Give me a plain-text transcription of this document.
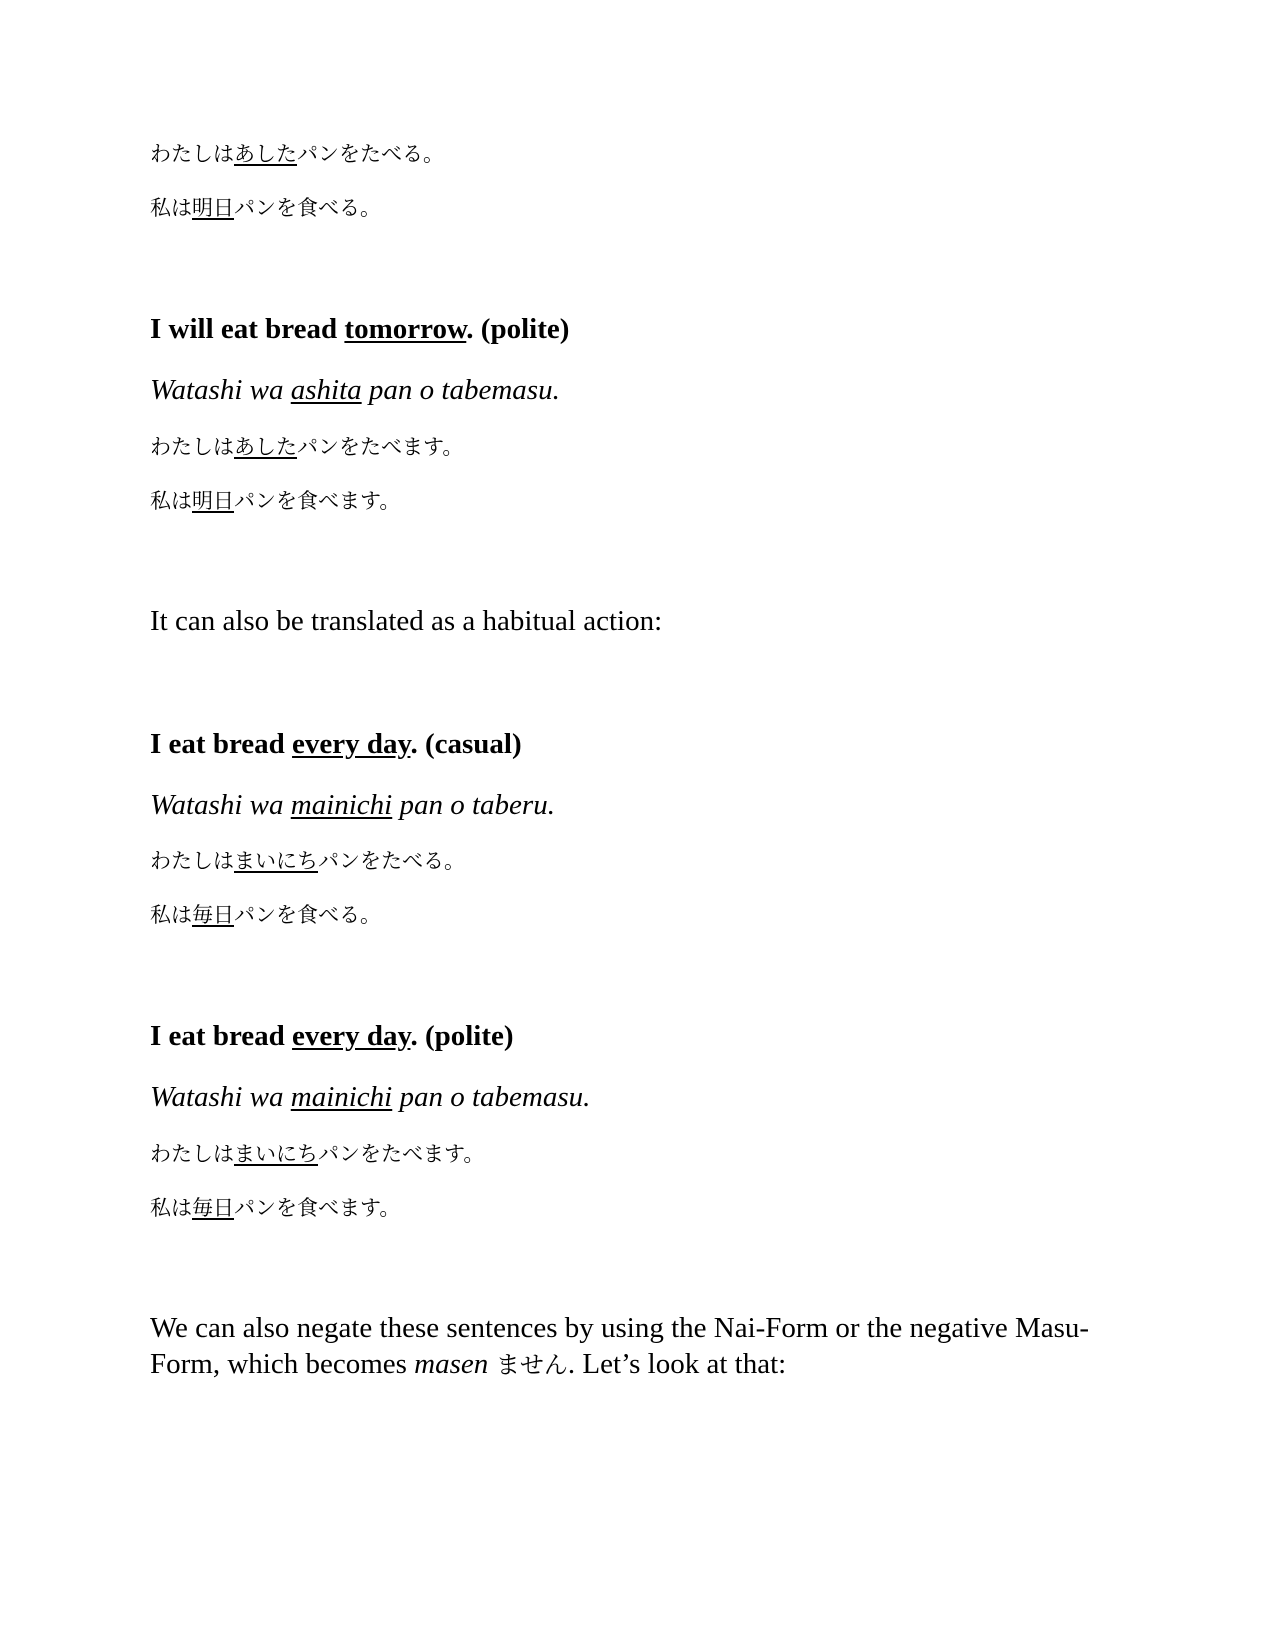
わたしはあしたパンをたべる。

私は明日パンを食べる。

I will eat bread tomorrow. (polite)

Watashi wa ashita pan o tabemasu.

わたしはあしたパンをたべます。

私は明日パンを食べます。

It can also be translated as a habitual action:

I eat bread every day. (casual)

Watashi wa mainichi pan o taberu.

わたしはまいにちパンをたべる。

私は毎日パンを食べる。

I eat bread every day. (polite)

Watashi wa mainichi pan o tabemasu.

わたしはまいにちパンをたべます。

私は毎日パンを食べます。

We can also negate these sentences by using the Nai-Form or the negative Masu-Form, which becomes masen ません. Let’s look at that:
